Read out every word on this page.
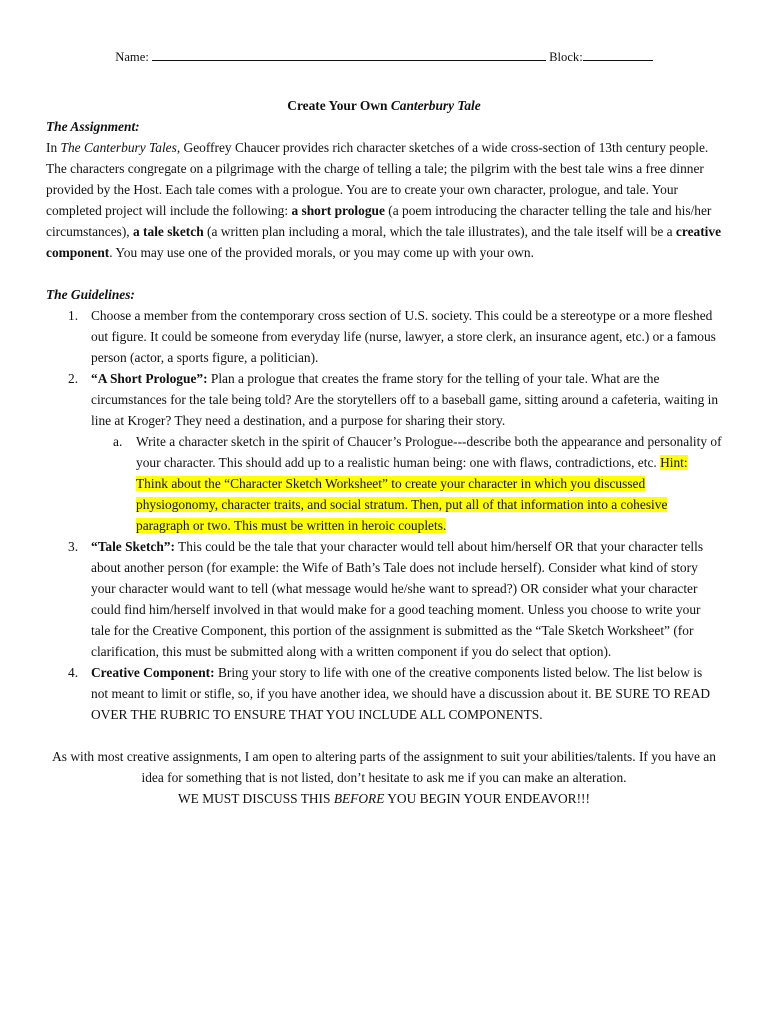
Name:	Block:
Create Your Own Canterbury Tale
The Assignment:

In The Canterbury Tales, Geoffrey Chaucer provides rich character sketches of a wide cross-section of 13th century people. The characters congregate on a pilgrimage with the charge of telling a tale; the pilgrim with the best tale wins a free dinner provided by the Host. Each tale comes with a prologue. You are to create your own character, prologue, and tale. Your completed project will include the following: a short prologue (a poem introducing the character telling the tale and his/her circumstances), a tale sketch (a written plan including a moral, which the tale illustrates), and the tale itself will be a creative component. You may use one of the provided morals, or you may come up with your own.

The Guidelines:
1. Choose a member from the contemporary cross section of U.S. society. This could be a stereotype or a more fleshed out figure. It could be someone from everyday life (nurse, lawyer, a store clerk, an insurance agent, etc.) or a famous person (actor, a sports figure, a politician).
2. “A Short Prologue”: Plan a prologue that creates the frame story for the telling of your tale. What are the circumstances for the tale being told? Are the storytellers off to a baseball game, sitting around a cafeteria, waiting in line at Kroger? They need a destination, and a purpose for sharing their story.
a. Write a character sketch in the spirit of Chaucer’s Prologue---describe both the appearance and personality of your character. This should add up to a realistic human being: one with flaws, contradictions, etc. Hint: Think about the “Character Sketch Worksheet” to create your character in which you discussed physiogonomy, character traits, and social stratum. Then, put all of that information into a cohesive paragraph or two. This must be written in heroic couplets.
3. “Tale Sketch”: This could be the tale that your character would tell about him/herself OR that your character tells about another person (for example: the Wife of Bath’s Tale does not include herself). Consider what kind of story your character would want to tell (what message would he/she want to spread?) OR consider what your character could find him/herself involved in that would make for a good teaching moment. Unless you choose to write your tale for the Creative Component, this portion of the assignment is submitted as the “Tale Sketch Worksheet” (for clarification, this must be submitted along with a written component if you do select that option).
4. Creative Component: Bring your story to life with one of the creative components listed below. The list below is not meant to limit or stifle, so, if you have another idea, we should have a discussion about it. BE SURE TO READ OVER THE RUBRIC TO ENSURE THAT YOU INCLUDE ALL COMPONENTS.
As with most creative assignments, I am open to altering parts of the assignment to suit your abilities/talents. If you have an idea for something that is not listed, don’t hesitate to ask me if you can make an alteration.
WE MUST DISCUSS THIS BEFORE YOU BEGIN YOUR ENDEAVOR!!!
